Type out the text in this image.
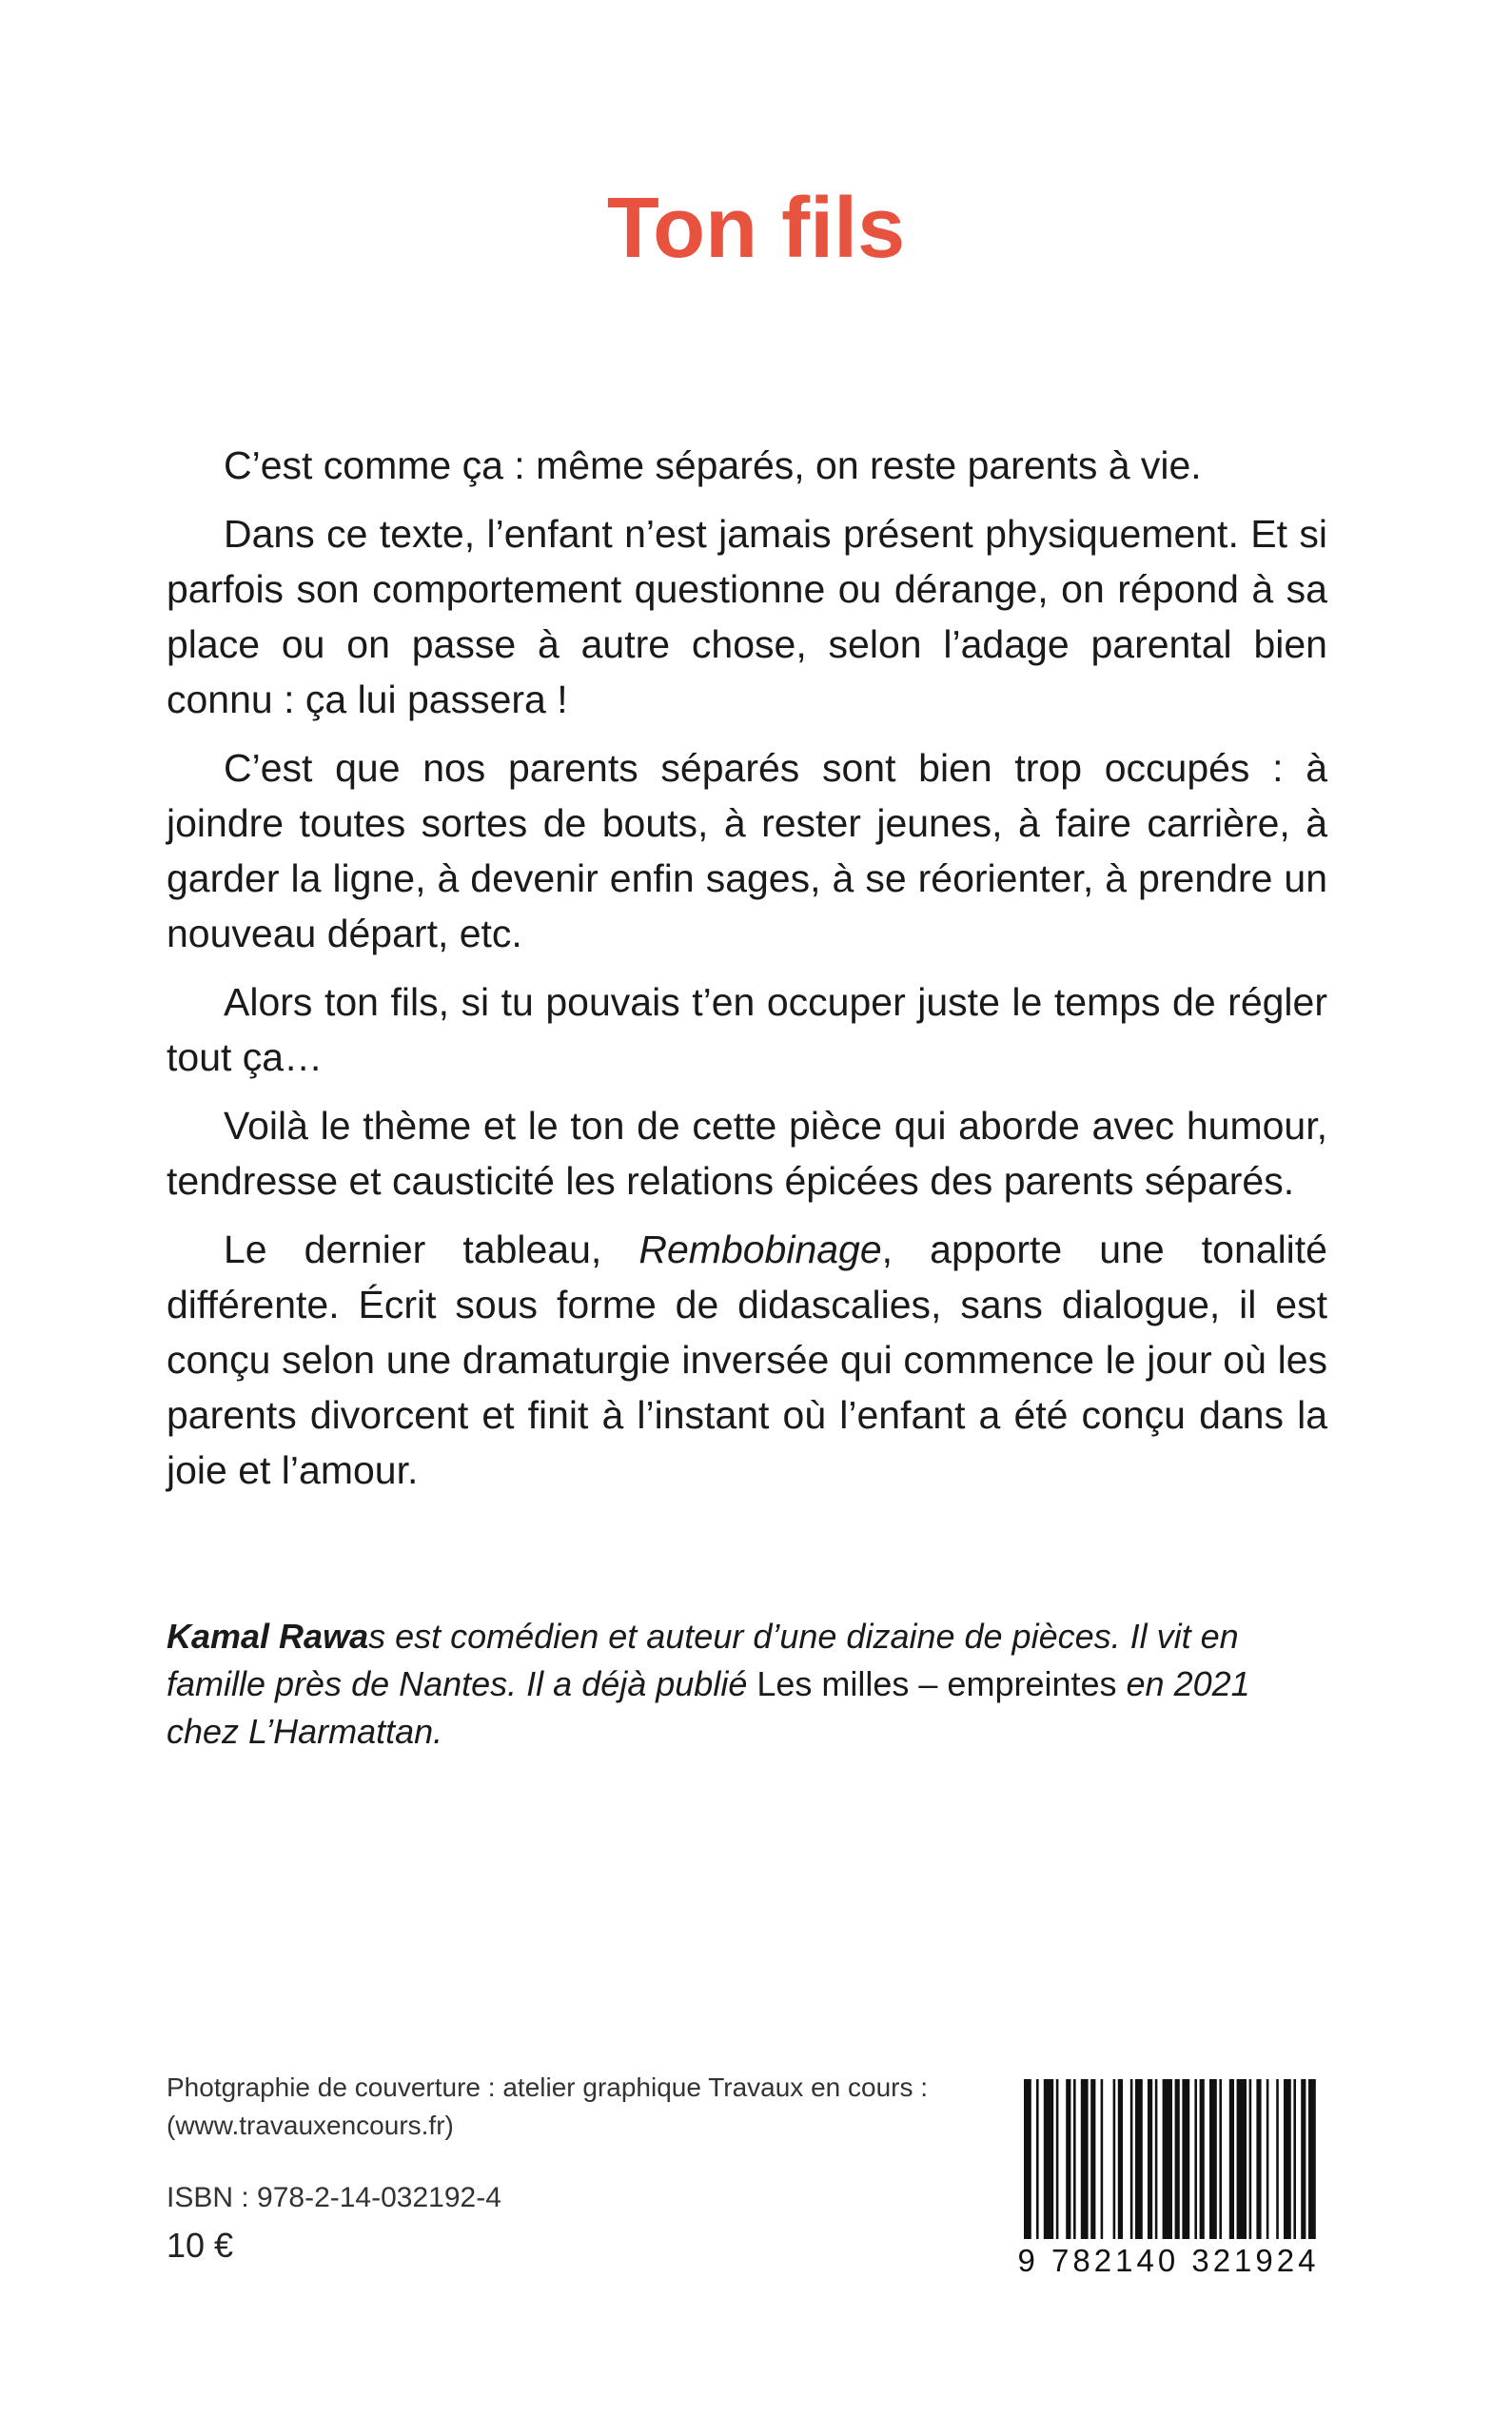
Ton fils

C’est comme ça : même séparés, on reste parents à vie.

Dans ce texte, l’enfant n’est jamais présent physiquement. Et si parfois son comportement questionne ou dérange, on répond à sa place ou on passe à autre chose, selon l’adage parental bien connu : ça lui passera !

C’est que nos parents séparés sont bien trop occupés : à joindre toutes sortes de bouts, à rester jeunes, à faire carrière, à garder la ligne, à devenir enfin sages, à se réorienter, à prendre un nouveau départ, etc.

Alors ton fils, si tu pouvais t’en occuper juste le temps de régler tout ça…

Voilà le thème et le ton de cette pièce qui aborde avec humour, tendresse et causticité les relations épicées des parents séparés.

Le dernier tableau, Rembobinage, apporte une tonalité différente. Écrit sous forme de didascalies, sans dialogue, il est conçu selon une dramaturgie inversée qui commence le jour où les parents divorcent et finit à l’instant où l’enfant a été conçu dans la joie et l’amour.

Kamal Rawas est comédien et auteur d’une dizaine de pièces. Il vit en famille près de Nantes. Il a déjà publié Les milles – empreintes en 2021 chez L’Harmattan.

Photgraphie de couverture : atelier graphique Travaux en cours :
(www.travauxencours.fr)
ISBN : 978-2-14-032192-4
10 €	9 782140 321924
